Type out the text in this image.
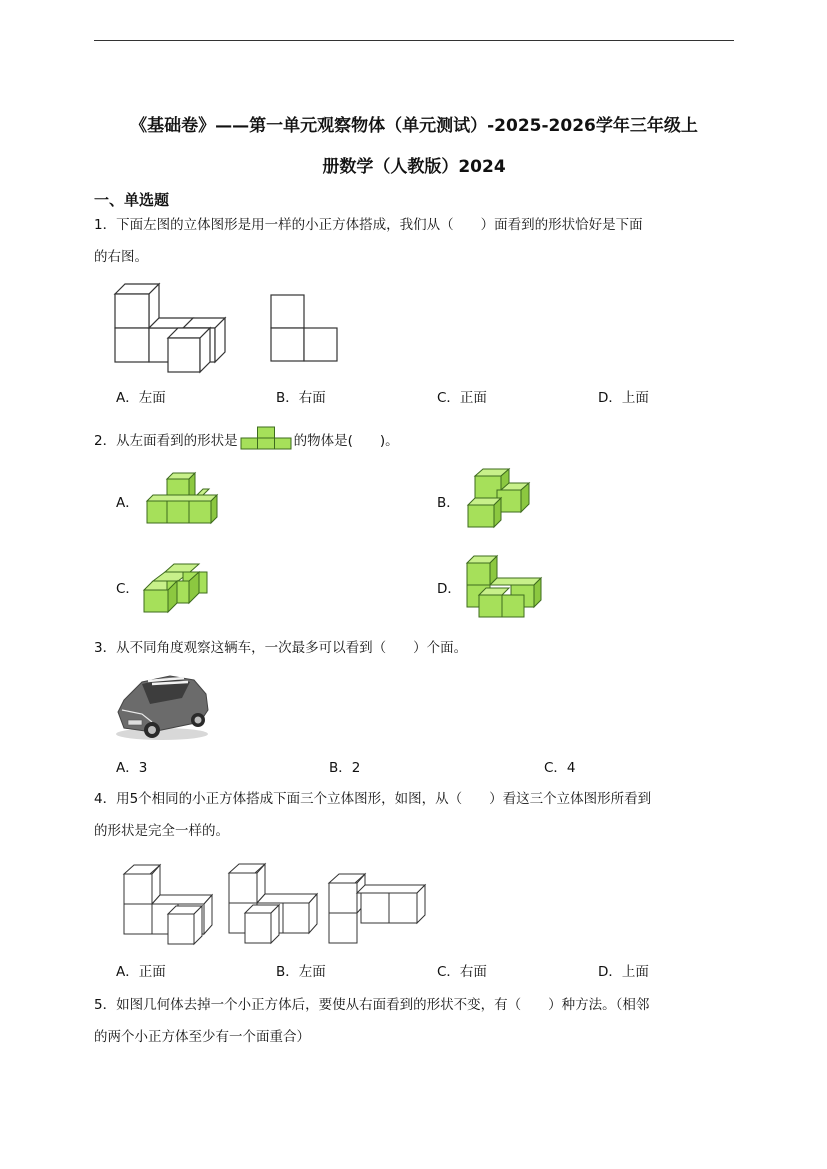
《基础卷》——第一单元观察物体（单元测试）-2025-2026学年三年级上
册数学（人教版）2024
一、单选题
1．下面左图的立体图形是用一样的小正方体搭成，我们从（　　）面看到的形状恰好是下面
的右图。
A．左面	B．右面	C．正面	D．上面
2．从左面看到的形状是	的物体是(　　)。
A．	B．
C．	D．
3．从不同角度观察这辆车，一次最多可以看到（　　）个面。
A．3	B．2	C．4
4．用5个相同的小正方体搭成下面三个立体图形，如图，从（　　）看这三个立体图形所看到
的形状是完全一样的。
A．正面	B．左面	C．右面	D．上面
5．如图几何体去掉一个小正方体后，要使从右面看到的形状不变，有（　　）种方法。（相邻
的两个小正方体至少有一个面重合）
